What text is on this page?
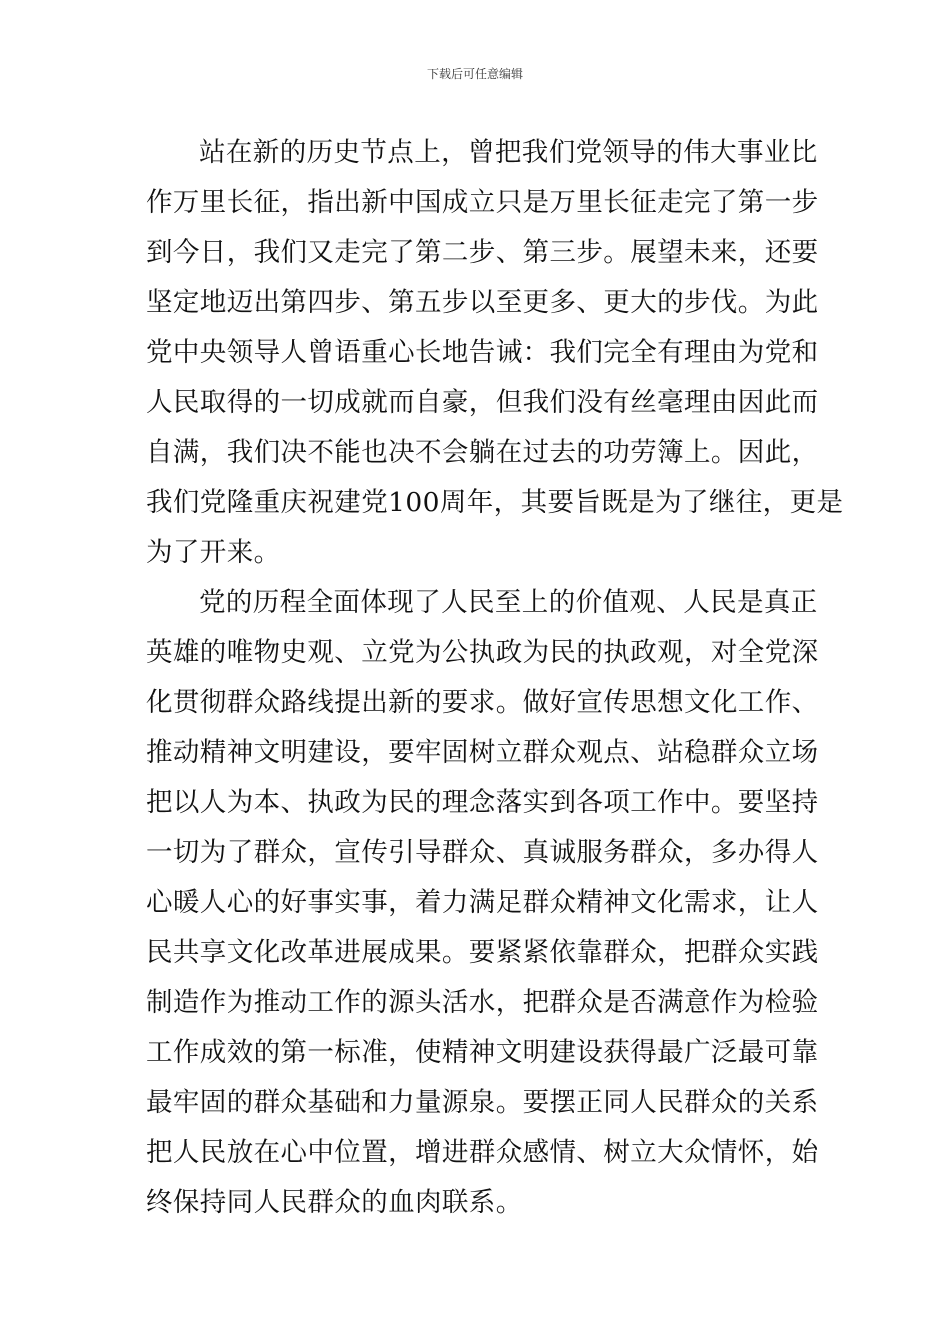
下载后可任意编辑

站在新的历史节点上，曾把我们党领导的伟大事业比
作万里长征，指出新中国成立只是万里长征走完了第一步
到今日，我们又走完了第二步、第三步。展望未来，还要
坚定地迈出第四步、第五步以至更多、更大的步伐。为此
党中央领导人曾语重心长地告诫：我们完全有理由为党和
人民取得的一切成就而自豪，但我们没有丝毫理由因此而
自满，我们决不能也决不会躺在过去的功劳簿上。因此，
我们党隆重庆祝建党100周年，其要旨既是为了继往，更是
为了开来。

党的历程全面体现了人民至上的价值观、人民是真正
英雄的唯物史观、立党为公执政为民的执政观，对全党深
化贯彻群众路线提出新的要求。做好宣传思想文化工作、
推动精神文明建设，要牢固树立群众观点、站稳群众立场
把以人为本、执政为民的理念落实到各项工作中。要坚持
一切为了群众，宣传引导群众、真诚服务群众，多办得人
心暖人心的好事实事，着力满足群众精神文化需求，让人
民共享文化改革进展成果。要紧紧依靠群众，把群众实践
制造作为推动工作的源头活水，把群众是否满意作为检验
工作成效的第一标准，使精神文明建设获得最广泛最可靠
最牢固的群众基础和力量源泉。要摆正同人民群众的关系
把人民放在心中位置，增进群众感情、树立大众情怀，始
终保持同人民群众的血肉联系。
